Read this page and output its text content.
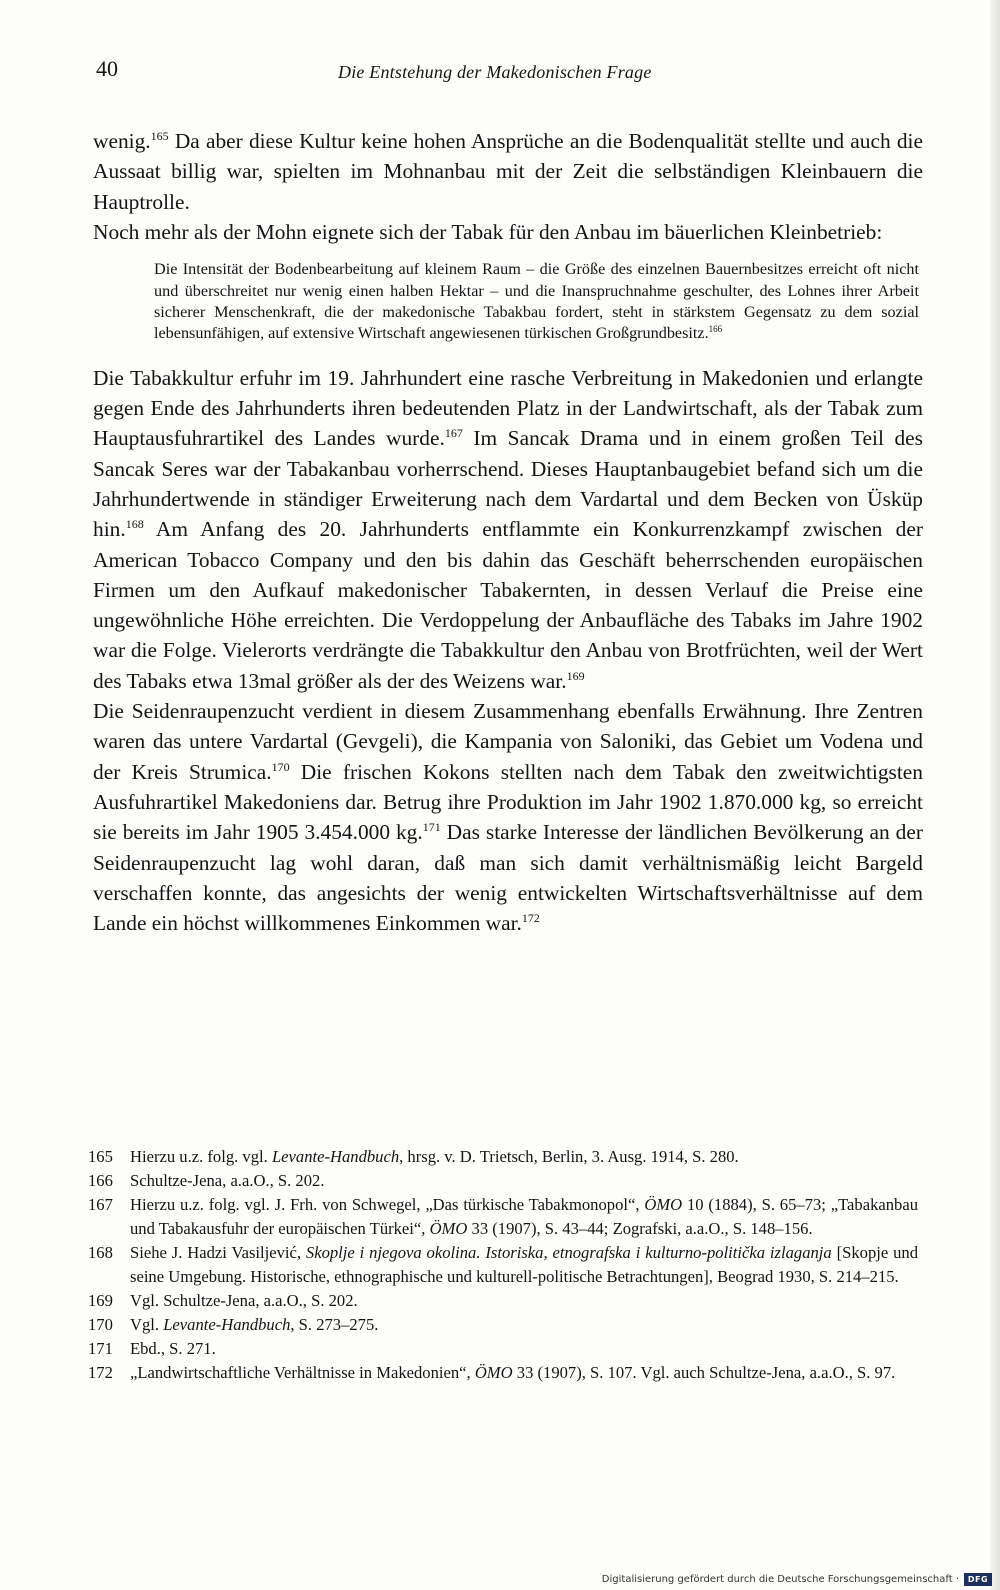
40	Die Entstehung der Makedonischen Frage

wenig.$^{165}$ Da aber diese Kultur keine hohen Ansprüche an die Bodenqualität stellte und auch die Aussaat billig war, spielten im Mohnanbau mit der Zeit die selbständigen Kleinbauern die Hauptrolle.

Noch mehr als der Mohn eignete sich der Tabak für den Anbau im bäuerlichen Kleinbetrieb:

Die Intensität der Bodenbearbeitung auf kleinem Raum – die Größe des einzelnen Bauernbesitzes erreicht oft nicht und überschreitet nur wenig einen halben Hektar – und die Inanspruchnahme geschulter, des Lohnes ihrer Arbeit sicherer Menschenkraft, die der makedonische Tabakbau fordert, steht in stärkstem Gegensatz zu dem sozial lebensunfähigen, auf extensive Wirtschaft angewiesenen türkischen Großgrundbesitz.$^{166}$

Die Tabakkultur erfuhr im 19. Jahrhundert eine rasche Verbreitung in Makedonien und erlangte gegen Ende des Jahrhunderts ihren bedeutenden Platz in der Landwirtschaft, als der Tabak zum Hauptausfuhrartikel des Landes wurde.$^{167}$ Im Sancak Drama und in einem großen Teil des Sancak Seres war der Tabakanbau vorherrschend. Dieses Hauptanbaugebiet befand sich um die Jahrhundertwende in ständiger Erweiterung nach dem Vardartal und dem Becken von Üsküp hin.$^{168}$ Am Anfang des 20. Jahrhunderts entflammte ein Konkurrenzkampf zwischen der American Tobacco Company und den bis dahin das Geschäft beherrschenden europäischen Firmen um den Aufkauf makedonischer Tabakernten, in dessen Verlauf die Preise eine ungewöhnliche Höhe erreichten. Die Verdoppelung der Anbaufläche des Tabaks im Jahre 1902 war die Folge. Vielerorts verdrängte die Tabakkultur den Anbau von Brotfrüchten, weil der Wert des Tabaks etwa 13mal größer als der des Weizens war.$^{169}$

Die Seidenraupenzucht verdient in diesem Zusammenhang ebenfalls Erwähnung. Ihre Zentren waren das untere Vardartal (Gevgeli), die Kampania von Saloniki, das Gebiet um Vodena und der Kreis Strumica.$^{170}$ Die frischen Kokons stellten nach dem Tabak den zweitwichtigsten Ausfuhrartikel Makedoniens dar. Betrug ihre Produktion im Jahr 1902 1.870.000 kg, so erreicht sie bereits im Jahr 1905 3.454.000 kg.$^{171}$ Das starke Interesse der ländlichen Bevölkerung an der Seidenraupenzucht lag wohl daran, daß man sich damit verhältnismäßig leicht Bargeld verschaffen konnte, das angesichts der wenig entwickelten Wirtschaftsverhältnisse auf dem Lande ein höchst willkommenes Einkommen war.$^{172}$

165	Hierzu u.z. folg. vgl. Levante-Handbuch, hrsg. v. D. Trietsch, Berlin, 3. Ausg. 1914, S. 280.
166	Schultze-Jena, a.a.O., S. 202.
167	Hierzu u.z. folg. vgl. J. Frh. von Schwegel, „Das türkische Tabakmonopol“, ÖMO 10 (1884), S. 65–73; „Tabakanbau und Tabakausfuhr der europäischen Türkei“, ÖMO 33 (1907), S. 43–44; Zografski, a.a.O., S. 148–156.
168	Siehe J. Hadzi Vasiljević, Skoplje i njegova okolina. Istoriska, etnografska i kulturno-politička izlaganja [Skopje und seine Umgebung. Historische, ethnographische und kulturell-politische Betrachtungen], Beograd 1930, S. 214–215.
169	Vgl. Schultze-Jena, a.a.O., S. 202.
170	Vgl. Levante-Handbuch, S. 273–275.
171	Ebd., S. 271.
172	„Landwirtschaftliche Verhältnisse in Makedonien“, ÖMO 33 (1907), S. 107. Vgl. auch Schultze-Jena, a.a.O., S. 97.
Digitalisierung gefördert durch die Deutsche Forschungsgemeinschaft ·	DFG
